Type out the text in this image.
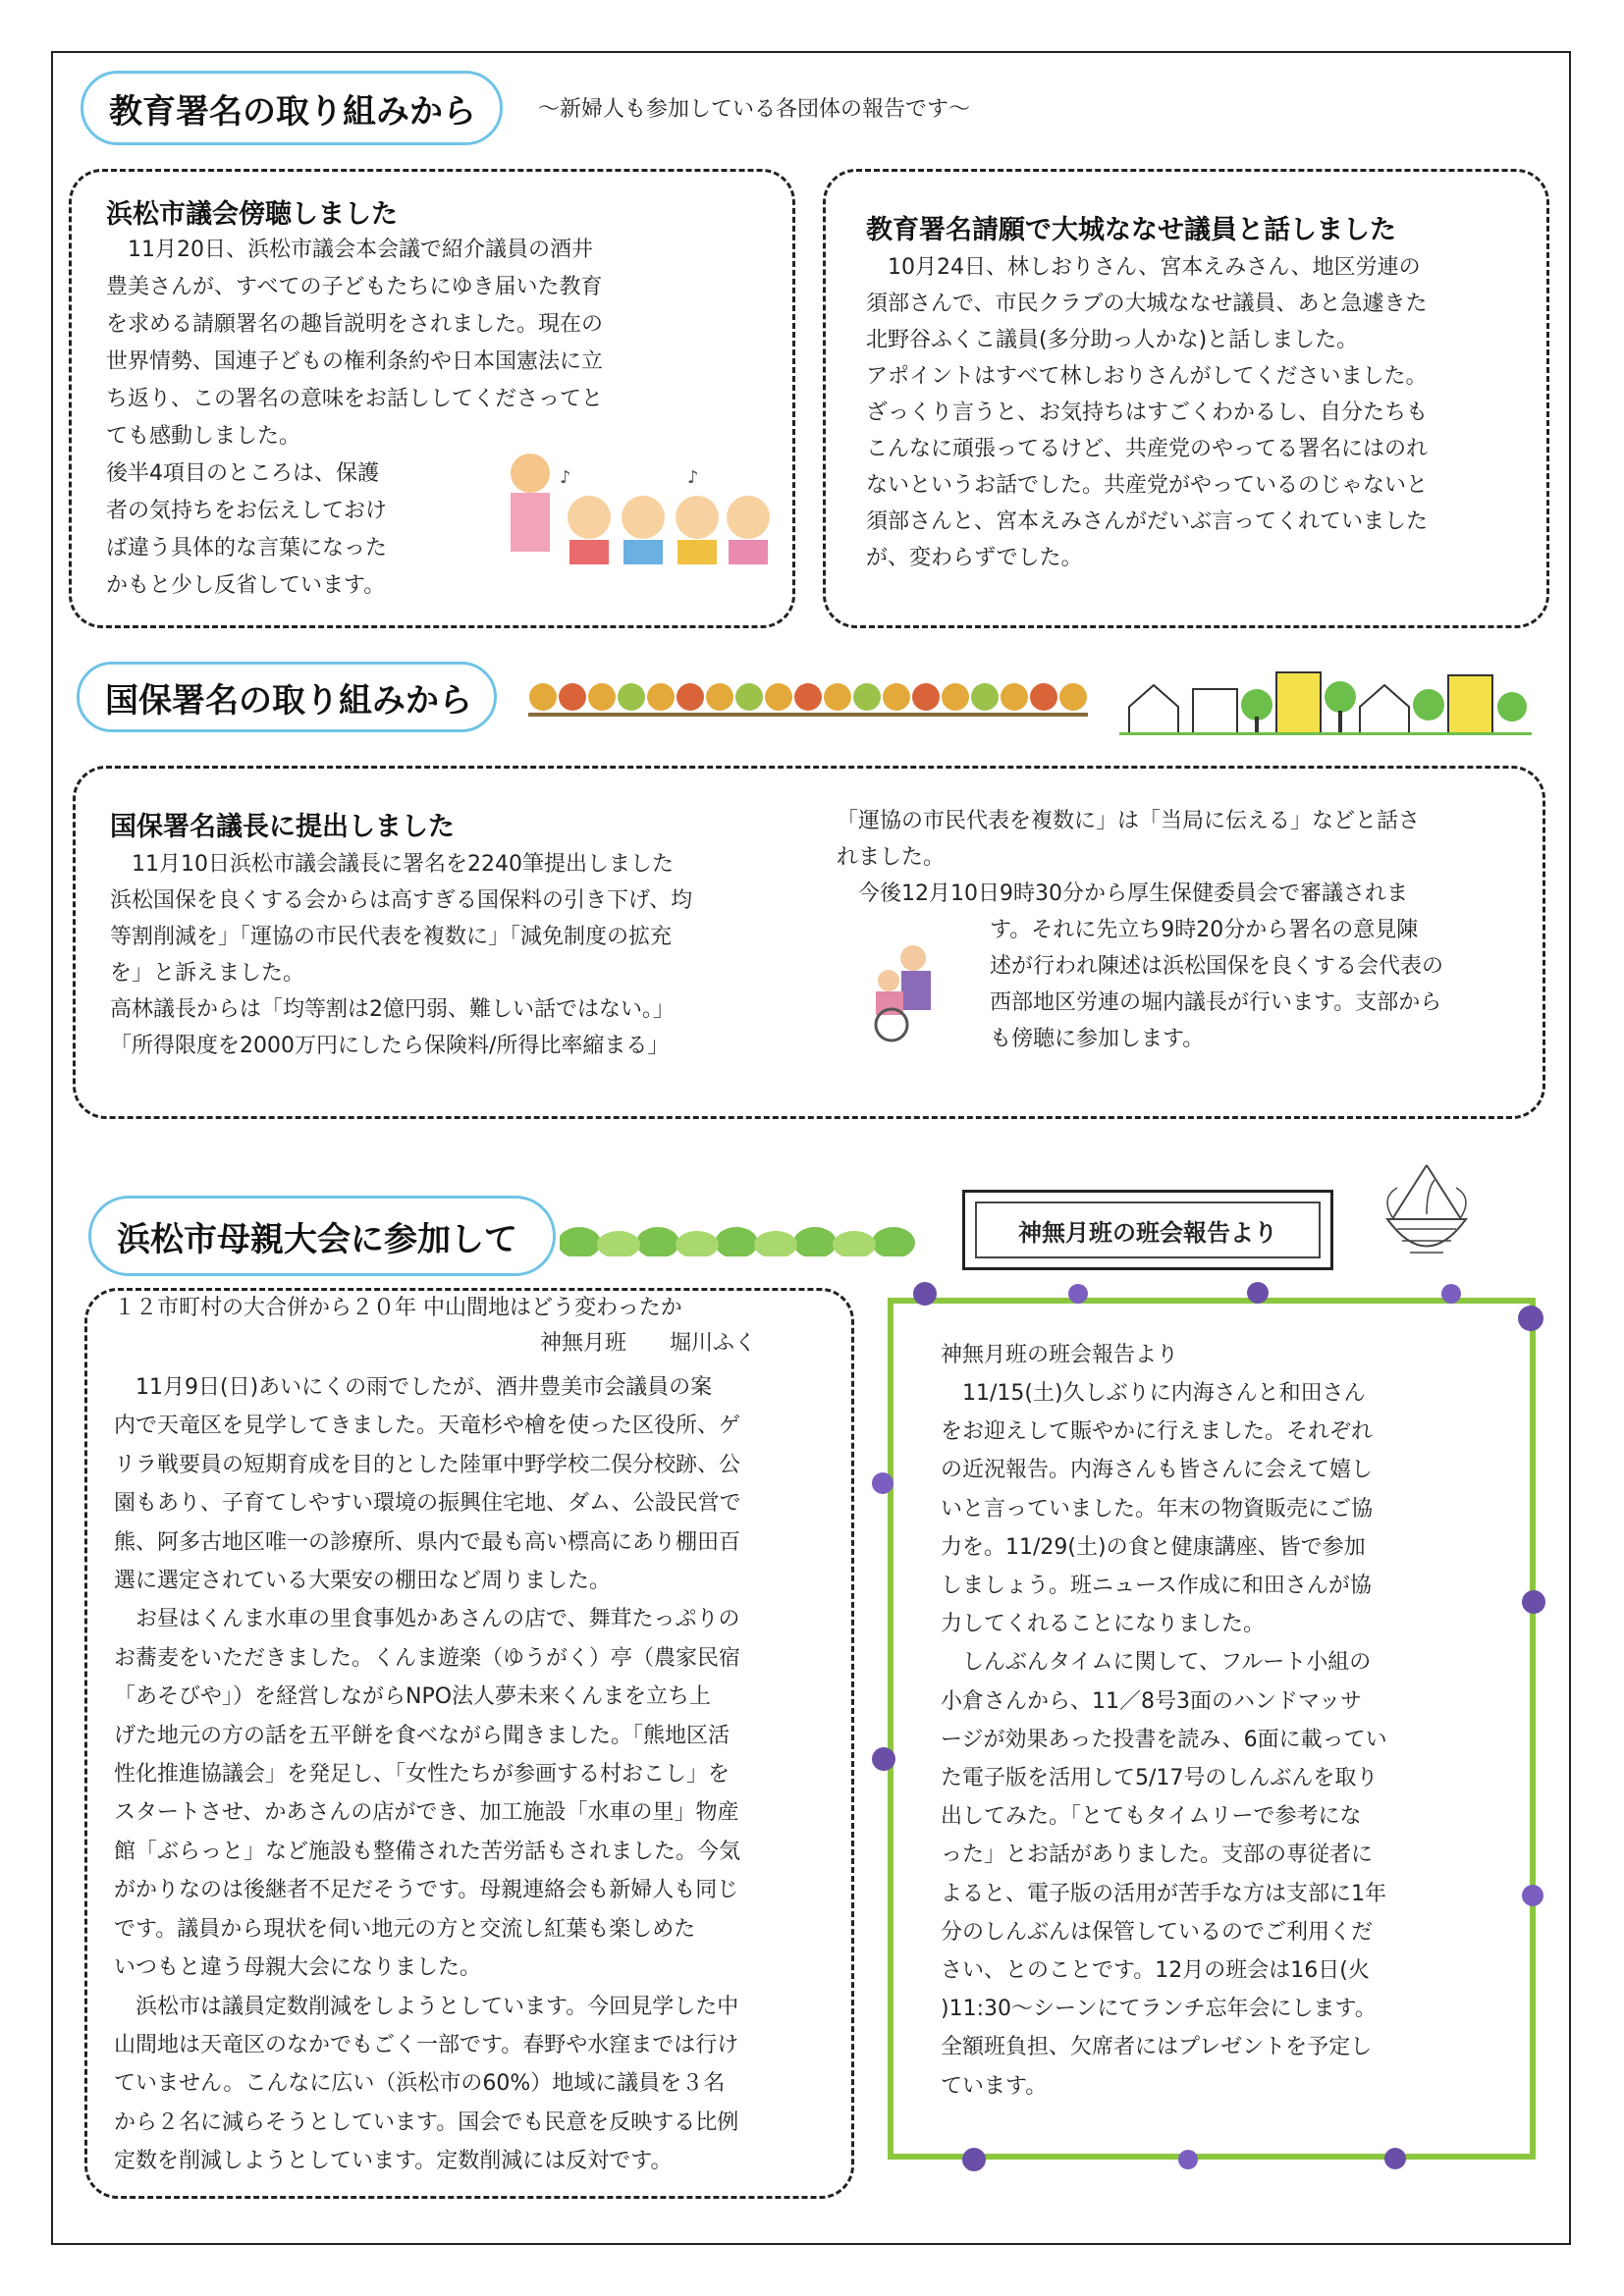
教育署名の取り組みから	～新婦人も参加している各団体の報告です～
浜松市議会傍聴しました
　11月20日、浜松市議会本会議で紹介議員の酒井
豊美さんが、すべての子どもたちにゆき届いた教育
を求める請願署名の趣旨説明をされました。現在の
世界情勢、国連子どもの権利条約や日本国憲法に立
ち返り、この署名の意味をお話ししてくださってと
ても感動しました。
後半4項目のところは、保護
者の気持ちをお伝えしておけ
ば違う具体的な言葉になった
かもと少し反省しています。
♪	♪
教育署名請願で大城ななせ議員と話しました
　10月24日、林しおりさん、宮本えみさん、地区労連の
須部さんで、市民クラブの大城ななせ議員、あと急遽きた
北野谷ふくこ議員(多分助っ人かな)と話しました。
アポイントはすべて林しおりさんがしてくださいました。
ざっくり言うと、お気持ちはすごくわかるし、自分たちも
こんなに頑張ってるけど、共産党のやってる署名にはのれ
ないというお話でした。共産党がやっているのじゃないと
須部さんと、宮本えみさんがだいぶ言ってくれていました
が、変わらずでした。
国保署名の取り組みから
国保署名議長に提出しました
　11月10日浜松市議会議長に署名を2240筆提出しました
浜松国保を良くする会からは高すぎる国保料の引き下げ、均
等割削減を」「運協の市民代表を複数に」「減免制度の拡充
を」と訴えました。
高林議長からは「均等割は2億円弱、難しい話ではない。」
「所得限度を2000万円にしたら保険料/所得比率縮まる」
「運協の市民代表を複数に」は「当局に伝える」などと話さ
れました。
　今後12月10日9時30分から厚生保健委員会で審議されま
す。それに先立ち9時20分から署名の意見陳
述が行われ陳述は浜松国保を良くする会代表の
西部地区労連の堀内議長が行います。支部から
も傍聴に参加します。
浜松市母親大会に参加して
１２市町村の大合併から２０年 中山間地はどう変わったか
神無月班　　堀川ふく
　11月9日(日)あいにくの雨でしたが、酒井豊美市会議員の案
内で天竜区を見学してきました。天竜杉や檜を使った区役所、ゲ
リラ戦要員の短期育成を目的とした陸軍中野学校二俣分校跡、公
園もあり、子育てしやすい環境の振興住宅地、ダム、公設民営で
熊、阿多古地区唯一の診療所、県内で最も高い標高にあり棚田百
選に選定されている大栗安の棚田など周りました。
　お昼はくんま水車の里食事処かあさんの店で、舞茸たっぷりの
お蕎麦をいただきました。くんま遊楽（ゆうがく）亭（農家民宿
「あそびや」）を経営しながらNPO法人夢未来くんまを立ち上
げた地元の方の話を五平餅を食べながら聞きました。「熊地区活
性化推進協議会」を発足し、「女性たちが参画する村おこし」を
スタートさせ、かあさんの店ができ、加工施設「水車の里」物産
館「ぶらっと」など施設も整備された苦労話もされました。今気
がかりなのは後継者不足だそうです。母親連絡会も新婦人も同じ
です。議員から現状を伺い地元の方と交流し紅葉も楽しめた
いつもと違う母親大会になりました。
　浜松市は議員定数削減をしようとしています。今回見学した中
山間地は天竜区のなかでもごく一部です。春野や水窪までは行け
ていません。こんなに広い（浜松市の60%）地域に議員を３名
から２名に減らそうとしています。国会でも民意を反映する比例
定数を削減しようとしています。定数削減には反対です。
神無月班の班会報告より
神無月班の班会報告より
　11/15(土)久しぶりに内海さんと和田さん
をお迎えして賑やかに行えました。それぞれ
の近況報告。内海さんも皆さんに会えて嬉し
いと言っていました。年末の物資販売にご協
力を。11/29(土)の食と健康講座、皆で参加
しましょう。班ニュース作成に和田さんが協
力してくれることになりました。
　しんぶんタイムに関して、フルート小組の
小倉さんから、11／8号3面のハンドマッサ
ージが効果あった投書を読み、6面に載ってい
た電子版を活用して5/17号のしんぶんを取り
出してみた。「とてもタイムリーで参考にな
った」とお話がありました。支部の専従者に
よると、電子版の活用が苦手な方は支部に1年
分のしんぶんは保管しているのでご利用くだ
さい、とのことです。12月の班会は16日(火
)11:30～シーンにてランチ忘年会にします。
全額班負担、欠席者にはプレゼントを予定し
ています。
